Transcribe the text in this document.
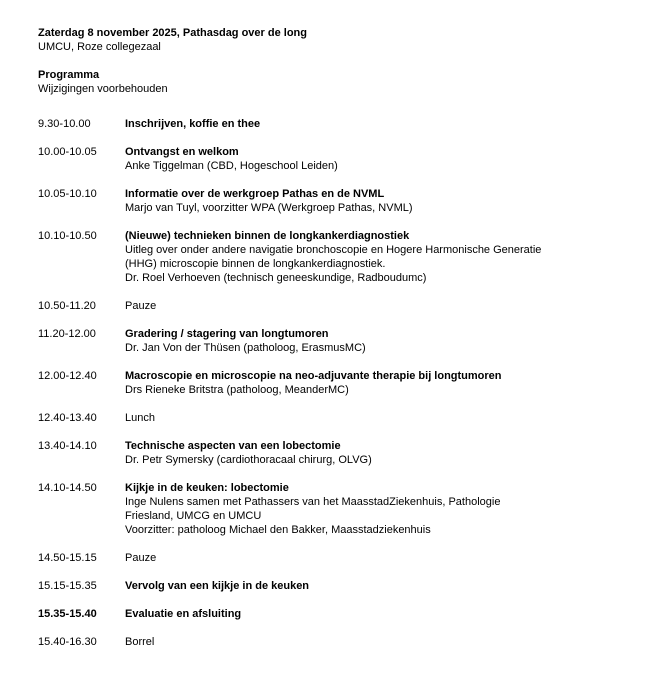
Zaterdag 8 november 2025, Pathasdag over de long
UMCU, Roze collegezaal
Programma
Wijzigingen voorbehouden
9.30-10.00	Inschrijven, koffie en thee
10.00-10.05	Ontvangst en welkom
Anke Tiggelman (CBD, Hogeschool Leiden)
10.05-10.10	Informatie over de werkgroep Pathas en de NVML
Marjo van Tuyl, voorzitter WPA (Werkgroep Pathas, NVML)
10.10-10.50	(Nieuwe) technieken binnen de longkankerdiagnostiek
Uitleg over onder andere navigatie bronchoscopie en Hogere Harmonische Generatie
(HHG) microscopie binnen de longkankerdiagnostiek.
Dr. Roel Verhoeven (technisch geneeskundige, Radboudumc)
10.50-11.20	Pauze
11.20-12.00	Gradering / stagering van longtumoren
Dr. Jan Von der Thüsen (patholoog, ErasmusMC)
12.00-12.40	Macroscopie en microscopie na neo-adjuvante therapie bij longtumoren
Drs Rieneke Britstra (patholoog, MeanderMC)
12.40-13.40	Lunch
13.40-14.10	Technische aspecten van een lobectomie
Dr. Petr Symersky (cardiothoracaal chirurg, OLVG)
14.10-14.50	Kijkje in de keuken: lobectomie
Inge Nulens samen met Pathassers van het MaasstadZiekenhuis, Pathologie
Friesland, UMCG en UMCU
Voorzitter: patholoog Michael den Bakker, Maasstadziekenhuis
14.50-15.15	Pauze
15.15-15.35	Vervolg van een kijkje in de keuken
15.35-15.40	Evaluatie en afsluiting
15.40-16.30	Borrel
